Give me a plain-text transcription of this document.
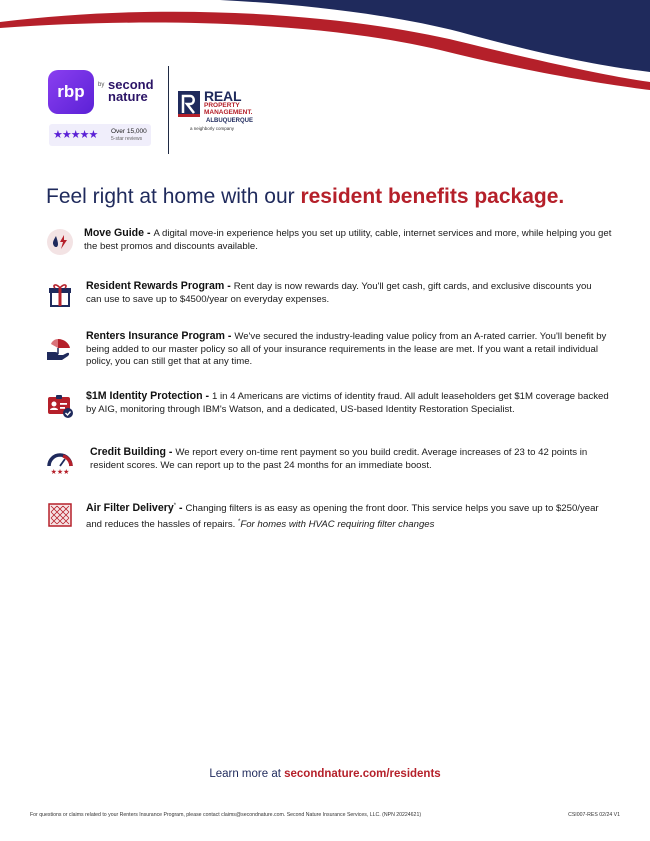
rbp	by second nature
★★★★★ Over 15,000
5-star reviews
REAL
PROPERTY
MANAGEMENT.
ALBUQUERQUE
a neighborly company
Feel right at home with our resident benefits package.
Move Guide - A digital move-in experience helps you set up utility, cable, internet services and more, while helping you get the best promos and discounts available.
Resident Rewards Program - Rent day is now rewards day. You'll get cash, gift cards, and exclusive discounts you can use to save up to $4500/year on everyday expenses.
Renters Insurance Program - We've secured the industry-leading value policy from an A-rated carrier. You'll benefit by being added to our master policy so all of your insurance requirements in the lease are met. If you want a retail individual policy, you can still get that at any time.
$1M Identity Protection - 1 in 4 Americans are victims of identity fraud. All adult leaseholders get $1M coverage backed by AIG, monitoring through IBM's Watson, and a dedicated, US-based Identity Restoration Specialist.
★★★
Credit Building - We report every on-time rent payment so you build credit. Average increases of 23 to 42 points in resident scores. We can report up to the past 24 months for an immediate boost.
Air Filter Delivery* - Changing filters is as easy as opening the front door. This service helps you save up to $250/year and reduces the hassles of repairs. *For homes with HVAC requiring filter changes
Learn more at secondnature.com/residents
For questions or claims related to your Renters Insurance Program, please contact claims@secondnature.com. Second Nature Insurance Services, LLC. (NPN 20224621)	CSI007-RES 02/24 V1
